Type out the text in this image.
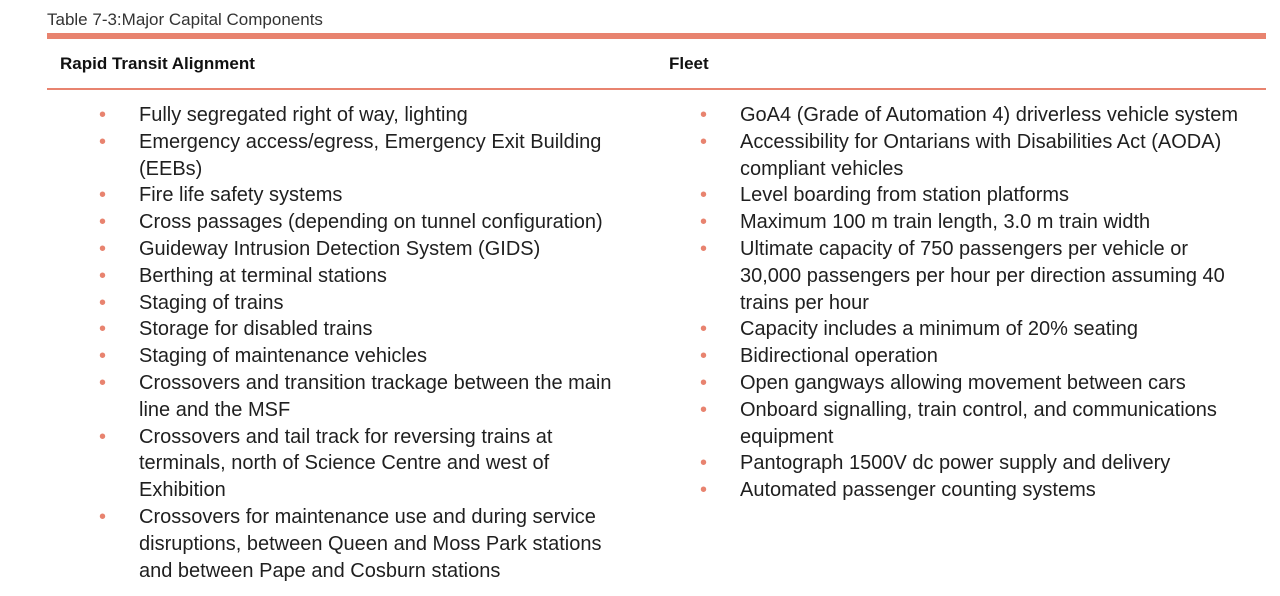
Table 7-3:Major Capital Components
Rapid Transit Alignment	Fleet
• Fully segregated right of way, lighting
• Emergency access/egress, Emergency Exit Building (EEBs)
• Fire life safety systems
• Cross passages (depending on tunnel configuration)
• Guideway Intrusion Detection System (GIDS)
• Berthing at terminal stations
• Staging of trains
• Storage for disabled trains
• Staging of maintenance vehicles
• Crossovers and transition trackage between the main line and the MSF
• Crossovers and tail track for reversing trains at terminals, north of Science Centre and west of Exhibition
• Crossovers for maintenance use and during service disruptions, between Queen and Moss Park stations and between Pape and Cosburn stations
• GoA4 (Grade of Automation 4) driverless vehicle system
• Accessibility for Ontarians with Disabilities Act (AODA) compliant vehicles
• Level boarding from station platforms
• Maximum 100 m train length, 3.0 m train width
• Ultimate capacity of 750 passengers per vehicle or 30,000 passengers per hour per direction assuming 40 trains per hour
• Capacity includes a minimum of 20% seating
• Bidirectional operation
• Open gangways allowing movement between cars
• Onboard signalling, train control, and communications equipment
• Pantograph 1500V dc power supply and delivery
• Automated passenger counting systems
